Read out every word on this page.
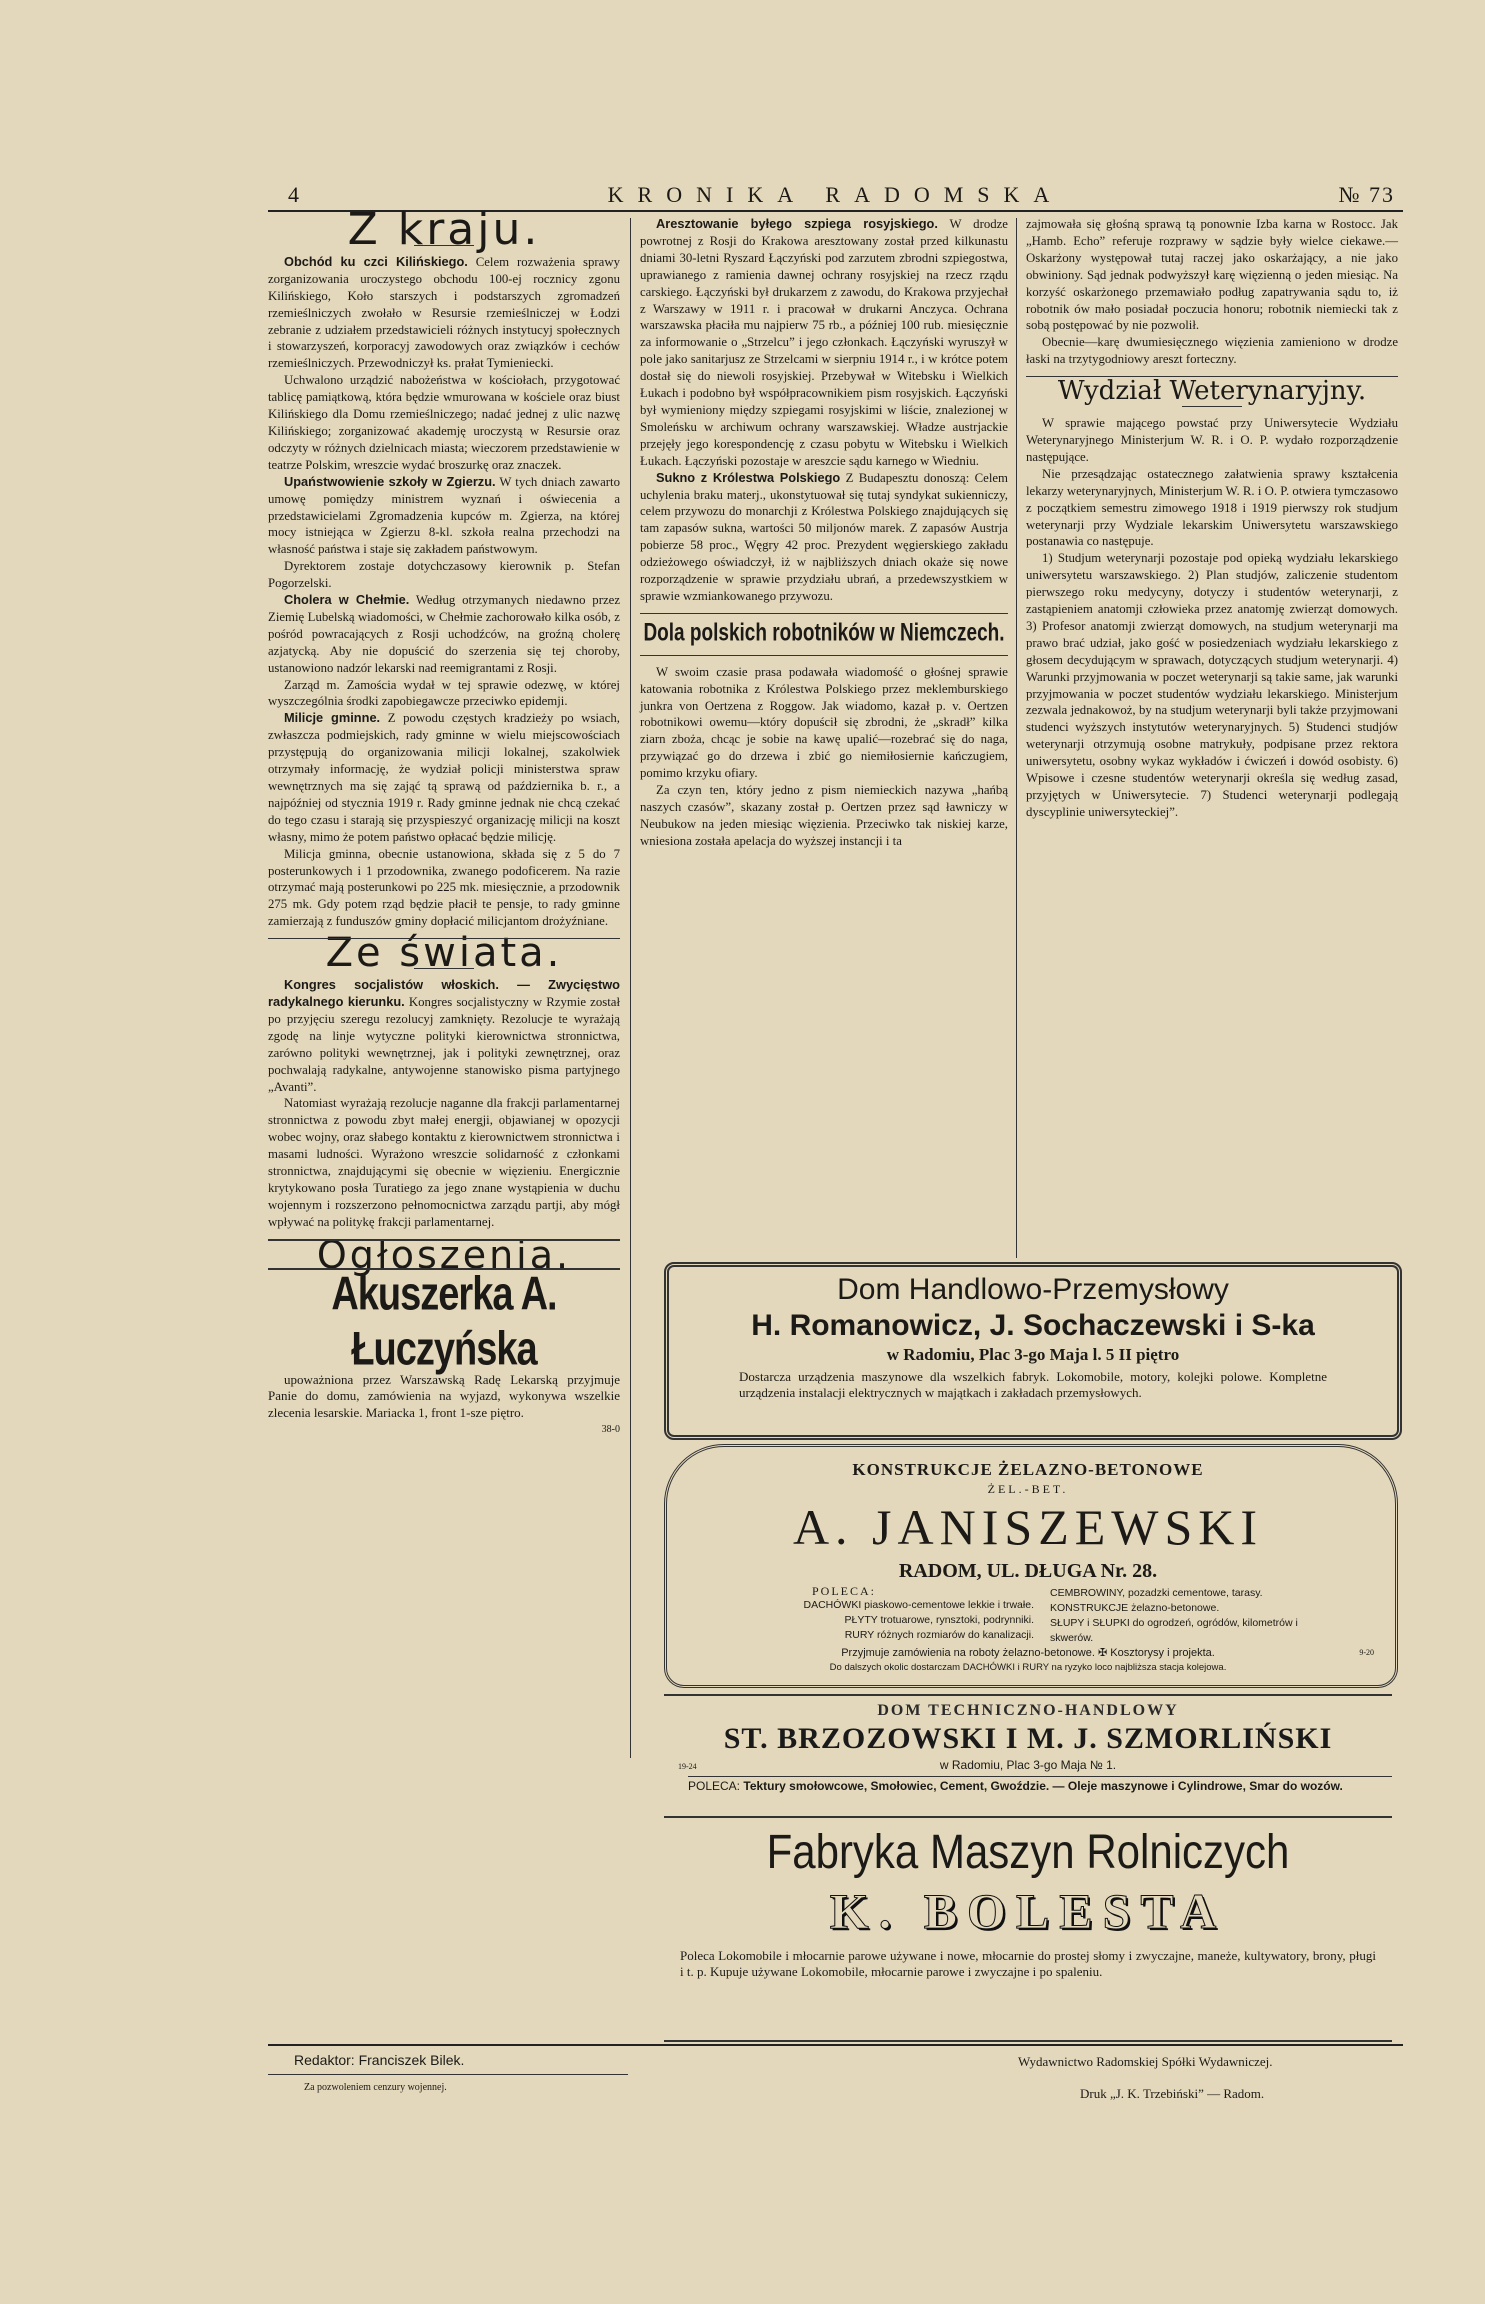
4	KRONIKA RADOMSKA	№ 73
Z kraju.

Obchód ku czci Kilińskiego. Celem rozważenia sprawy zorganizowania uroczystego obchodu 100-ej rocznicy zgonu Kilińskiego, Koło starszych i podstarszych zgromadzeń rzemieślniczych zwołało w Resursie rzemieślniczej w Łodzi zebranie z udziałem przedstawicieli różnych instytucyj społecznych i stowarzyszeń, korporacyj zawodowych oraz związków i cechów rzemieślniczych. Przewodniczył ks. prałat Tymieniecki.

Uchwalono urządzić nabożeństwa w kościołach, przygotować tablicę pamiątkową, która będzie wmurowana w kościele oraz biust Kilińskiego dla Domu rzemieślniczego; nadać jednej z ulic nazwę Kilińskiego; zorganizować akademję uroczystą w Resursie oraz odczyty w różnych dzielnicach miasta; wieczorem przedstawienie w teatrze Polskim, wreszcie wydać broszurkę oraz znaczek.

Upaństwowienie szkoły w Zgierzu. W tych dniach zawarto umowę pomiędzy ministrem wyznań i oświecenia a przedstawicielami Zgromadzenia kupców m. Zgierza, na której mocy istniejąca w Zgierzu 8-kl. szkoła realna przechodzi na własność państwa i staje się zakładem państwowym.

Dyrektorem zostaje dotychczasowy kierownik p. Stefan Pogorzelski.

Cholera w Chełmie. Według otrzymanych niedawno przez Ziemię Lubelską wiadomości, w Chełmie zachorowało kilka osób, z pośród powracających z Rosji uchodźców, na groźną cholerę azjatycką. Aby nie dopuścić do szerzenia się tej choroby, ustanowiono nadzór lekarski nad reemigrantami z Rosji.

Zarząd m. Zamościa wydał w tej sprawie odezwę, w której wyszczególnia środki zapobiegawcze przeciwko epidemji.

Milicje gminne. Z powodu częstych kradzieży po wsiach, zwłaszcza podmiejskich, rady gminne w wielu miejscowościach przystępują do organizowania milicji lokalnej, szakolwiek otrzymały informację, że wydział policji ministerstwa spraw wewnętrznych ma się zająć tą sprawą od października b. r., a najpóźniej od stycznia 1919 r. Rady gminne jednak nie chcą czekać do tego czasu i starają się przyspieszyć organizację milicji na koszt własny, mimo że potem państwo opłacać będzie milicję.

Milicja gminna, obecnie ustanowiona, składa się z 5 do 7 posterunkowych i 1 przodownika, zwanego podoficerem. Na razie otrzymać mają posterunkowi po 225 mk. miesięcznie, a przodownik 275 mk. Gdy potem rząd będzie płacił te pensje, to rady gminne zamierzają z funduszów gminy dopłacić milicjantom drożyźniane.

Ze świata.

Kongres socjalistów włoskich. — Zwycięstwo radykalnego kierunku. Kongres socjalistyczny w Rzymie został po przyjęciu szeregu rezolucyj zamknięty. Rezolucje te wyrażają zgodę na linje wytyczne polityki kierownictwa stronnictwa, zarówno polityki wewnętrznej, jak i polityki zewnętrznej, oraz pochwalają radykalne, antywojenne stanowisko pisma partyjnego „Avanti”.

Natomiast wyrażają rezolucje naganne dla frakcji parlamentarnej stronnictwa z powodu zbyt małej energji, objawianej w opozycji wobec wojny, oraz słabego kontaktu z kierownictwem stronnictwa i masami ludności. Wyrażono wreszcie solidarność z członkami stronnictwa, znajdującymi się obecnie w więzieniu. Energicznie krytykowano posła Turatiego za jego znane wystąpienia w duchu wojennym i rozszerzono pełnomocnictwa zarządu partji, aby mógł wpływać na politykę frakcji parlamentarnej.

Ogłoszenia.
Akuszerka A. Łuczyńska

upoważniona przez Warszawską Radę Lekarską przyjmuje Panie do domu, zamówienia na wyjazd, wykonywa wszelkie zlecenia lesarskie. Mariacka 1, front 1-sze piętro.

38-0

Aresztowanie byłego szpiega rosyjskiego. W drodze powrotnej z Rosji do Krakowa aresztowany został przed kilkunastu dniami 30-letni Ryszard Łączyński pod zarzutem zbrodni szpiegostwa, uprawianego z ramienia dawnej ochrany rosyjskiej na rzecz rządu carskiego. Łączyński był drukarzem z zawodu, do Krakowa przyjechał z Warszawy w 1911 r. i pracował w drukarni Anczyca. Ochrana warszawska płaciła mu najpierw 75 rb., a później 100 rub. miesięcznie za informowanie o „Strzelcu” i jego członkach. Łączyński wyruszył w pole jako sanitarjusz ze Strzelcami w sierpniu 1914 r., i w krótce potem dostał się do niewoli rosyjskiej. Przebywał w Witebsku i Wielkich Łukach i podobno był współpracownikiem pism rosyjskich. Łączyński był wymieniony między szpiegami rosyjskimi w liście, znalezionej w Smoleńsku w archiwum ochrany warszawskiej. Władze austrjackie przejęły jego korespondencję z czasu pobytu w Witebsku i Wielkich Łukach. Łączyński pozostaje w areszcie sądu karnego w Wiedniu.

Sukno z Królestwa Polskiego Z Budapesztu donoszą: Celem uchylenia braku materj., ukonstytuował się tutaj syndykat sukienniczy, celem przywozu do monarchji z Królestwa Polskiego znajdujących się tam zapasów sukna, wartości 50 miljonów marek. Z zapasów Austrja pobierze 58 proc., Węgry 42 proc. Prezydent węgierskiego zakładu odzieżowego oświadczył, iż w najbliższych dniach okaże się nowe rozporządzenie w sprawie przydziału ubrań, a przedewszystkiem w sprawie wzmiankowanego przywozu.

Dola polskich robotników w Niemczech.

W swoim czasie prasa podawała wiadomość o głośnej sprawie katowania robotnika z Królestwa Polskiego przez meklemburskiego junkra von Oertzena z Roggow. Jak wiadomo, kazał p. v. Oertzen robotnikowi owemu—który dopuścił się zbrodni, że „skradł” kilka ziarn zboża, chcąc je sobie na kawę upalić—rozebrać się do naga, przywiązać go do drzewa i zbić go niemiłosiernie kańczugiem, pomimo krzyku ofiary.

Za czyn ten, który jedno z pism niemieckich nazywa „hańbą naszych czasów”, skazany został p. Oertzen przez sąd ławniczy w Neubukow na jeden miesiąc więzienia. Przeciwko tak niskiej karze, wniesiona została apelacja do wyższej instancji i ta

zajmowała się głośną sprawą tą ponownie Izba karna w Rostocc. Jak „Hamb. Echo” referuje rozprawy w sądzie były wielce ciekawe.—Oskarżony występował tutaj raczej jako oskarżający, a nie jako obwiniony. Sąd jednak podwyższył karę więzienną o jeden miesiąc. Na korzyść oskarżonego przemawiało podług zapatrywania sądu to, iż robotnik ów mało posiadał poczucia honoru; robotnik niemiecki tak z sobą postępować by nie pozwolił.

Obecnie—karę dwumiesięcznego więzienia zamieniono w drodze łaski na trzytygodniowy areszt forteczny.

Wydział Weterynaryjny.

W sprawie mającego powstać przy Uniwersytecie Wydziału Weterynaryjnego Ministerjum W. R. i O. P. wydało rozporządzenie następujące.

Nie przesądzając ostatecznego załatwienia sprawy kształcenia lekarzy weterynaryjnych, Ministerjum W. R. i O. P. otwiera tymczasowo z początkiem semestru zimowego 1918 i 1919 pierwszy rok studjum weterynarji przy Wydziale lekarskim Uniwersytetu warszawskiego postanawia co następuje.

1) Studjum weterynarji pozostaje pod opieką wydziału lekarskiego uniwersytetu warszawskiego. 2) Plan studjów, zaliczenie studentom pierwszego roku medycyny, dotyczy i studentów weterynarji, z zastąpieniem anatomji człowieka przez anatomję zwierząt domowych. 3) Profesor anatomji zwierząt domowych, na studjum weterynarji ma prawo brać udział, jako gość w posiedzeniach wydziału lekarskiego z głosem decydującym w sprawach, dotyczących studjum weterynarji. 4) Warunki przyjmowania w poczet weterynarji są takie same, jak warunki przyjmowania w poczet studentów wydziału lekarskiego. Ministerjum zezwala jednakowoż, by na studjum weterynarji byli także przyjmowani studenci wyższych instytutów weterynaryjnych. 5) Studenci studjów weterynarji otrzymują osobne matrykuły, podpisane przez rektora uniwersytetu, osobny wykaz wykładów i ćwiczeń i dowód osobisty. 6) Wpisowe i czesne studentów weterynarji określa się według zasad, przyjętych w Uniwersytecie. 7) Studenci weterynarji podlegają dyscyplinie uniwersyteckiej”.

Dom Handlowo-Przemysłowy
H. Romanowicz, J. Sochaczewski i S-ka
w Radomiu, Plac 3-go Maja l. 5 II piętro
Dostarcza urządzenia maszynowe dla wszelkich fabryk. Lokomobile, motory, kolejki polowe. Kompletne urządzenia instalacji elektrycznych w majątkach i zakładach przemysłowych.
KONSTRUKCJE ŻELAZNO-BETONOWE
ŻEL.-BET.
A. JANISZEWSKI
RADOM, UL. DŁUGA Nr. 28.
POLECA:
DACHÓWKI piaskowo-cementowe lekkie i trwałe.
PŁYTY trotuarowe, rynsztoki, podrynniki.
RURY różnych rozmiarów do kanalizacji.
CEMBROWINY, pozadzki cementowe, tarasy.
KONSTRUKCJE żelazno-betonowe.
SŁUPY i SŁUPKI do ogrodzeń, ogródów, kilometrów i skwerów.
Przyjmuje zamówienia na roboty żelazno-betonowe. ✠ Kosztorysy i projekta.
Do dalszych okolic dostarczam DACHÓWKI i RURY na ryzyko loco najbliższa stacja kolejowa.
9-20
DOM TECHNICZNO-HANDLOWY
ST. BRZOZOWSKI I M. J. SZMORLIŃSKI
19-24	w Radomiu, Plac 3-go Maja № 1.
POLECA: Tektury smołowcowe, Smołowiec, Cement, Gwoździe. — Oleje maszynowe i Cylindrowe, Smar do wozów.
Fabryka Maszyn Rolniczych
K. BOLESTA
Poleca Lokomobile i młocarnie parowe używane i nowe, młocarnie do prostej słomy i zwyczajne, maneże, kultywatory, brony, pługi i t. p. Kupuje używane Lokomobile, młocarnie parowe i zwyczajne i po spaleniu.
Redaktor: Franciszek Bilek.	Wydawnictwo Radomskiej Spółki Wydawniczej.
Za pozwoleniem cenzury wojennej.	Druk „J. K. Trzebiński” — Radom.
